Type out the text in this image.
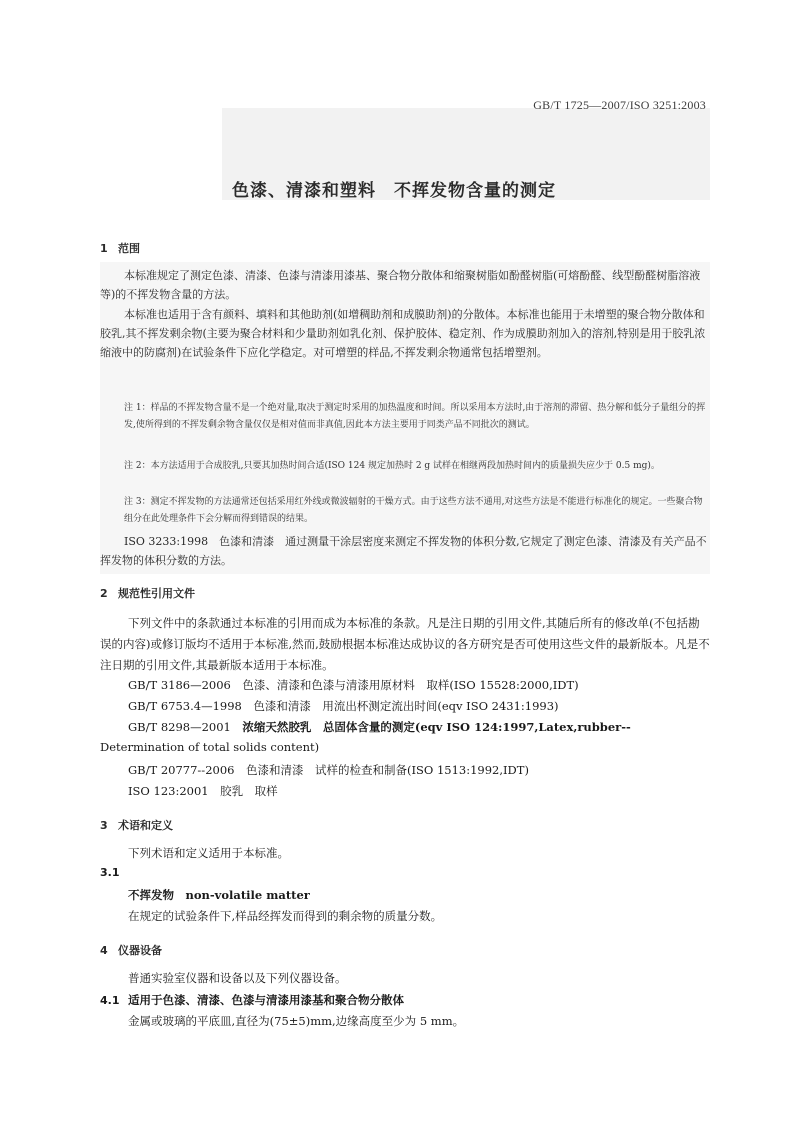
GB/T 1725—2007/ISO 3251:2003
色漆、清漆和塑料　不挥发物含量的测定
1 范围

本标准规定了测定色漆、清漆、色漆与清漆用漆基、聚合物分散体和缩聚树脂如酚醛树脂(可熔酚醛、线型酚醛树脂溶液等)的不挥发物含量的方法。

本标准也适用于含有颜料、填料和其他助剂(如增稠助剂和成膜助剂)的分散体。本标准也能用于未增塑的聚合物分散体和胶乳,其不挥发剩余物(主要为聚合材料和少量助剂如乳化剂、保护胶体、稳定剂、作为成膜助剂加入的溶剂,特别是用于胶乳浓缩液中的防腐剂)在试验条件下应化学稳定。对可增塑的样品,不挥发剩余物通常包括增塑剂。

注 1：样品的不挥发物含量不是一个绝对量,取决于测定时采用的加热温度和时间。所以采用本方法时,由于溶剂的滞留、热分解和低分子量组分的挥发,使所得到的不挥发剩余物含量仅仅是相对值而非真值,因此本方法主要用于同类产品不同批次的测试。

注 2：本方法适用于合成胶乳,只要其加热时间合适(ISO 124 规定加热时 2 g 试样在相继两段加热时间内的质量损失应少于 0.5 mg)。

注 3：测定不挥发物的方法通常还包括采用红外线或微波辐射的干燥方式。由于这些方法不通用,对这些方法是不能进行标准化的规定。一些聚合物组分在此处理条件下会分解而得到错误的结果。

ISO 3233:1998　色漆和清漆　通过测量干涂层密度来测定不挥发物的体积分数,它规定了测定色漆、清漆及有关产品不挥发物的体积分数的方法。

2 规范性引用文件

下列文件中的条款通过本标准的引用而成为本标准的条款。凡是注日期的引用文件,其随后所有的修改单(不包括勘误的内容)或修订版均不适用于本标准,然而,鼓励根据本标准达成协议的各方研究是否可使用这些文件的最新版本。凡是不注日期的引用文件,其最新版本适用于本标准。

GB/T 3186—2006　色漆、清漆和色漆与清漆用原材料　取样(ISO 15528:2000,IDT)
GB/T 6753.4—1998　色漆和清漆　用流出杯测定流出时间(eqv ISO 2431:1993)
GB/T 8298—2001　 浓缩天然胶乳　总固体含量的测定(eqv ISO 124:1997,Latex,rubber--
Determination of total solids content)
GB/T 20777--2006　色漆和清漆　试样的检查和制备(ISO 1513:1992,IDT)
ISO 123:2001　胶乳　取样
3 术语和定义
下列术语和定义适用于本标准。
3.1
不挥发物　non-volatile matter
在规定的试验条件下,样品经挥发而得到的剩余物的质量分数。
4 仪器设备
普通实验室仪器和设备以及下列仪器设备。
4.1 适用于色漆、清漆、色漆与清漆用漆基和聚合物分散体
金属或玻璃的平底皿,直径为(75±5)mm,边缘高度至少为 5 mm。
